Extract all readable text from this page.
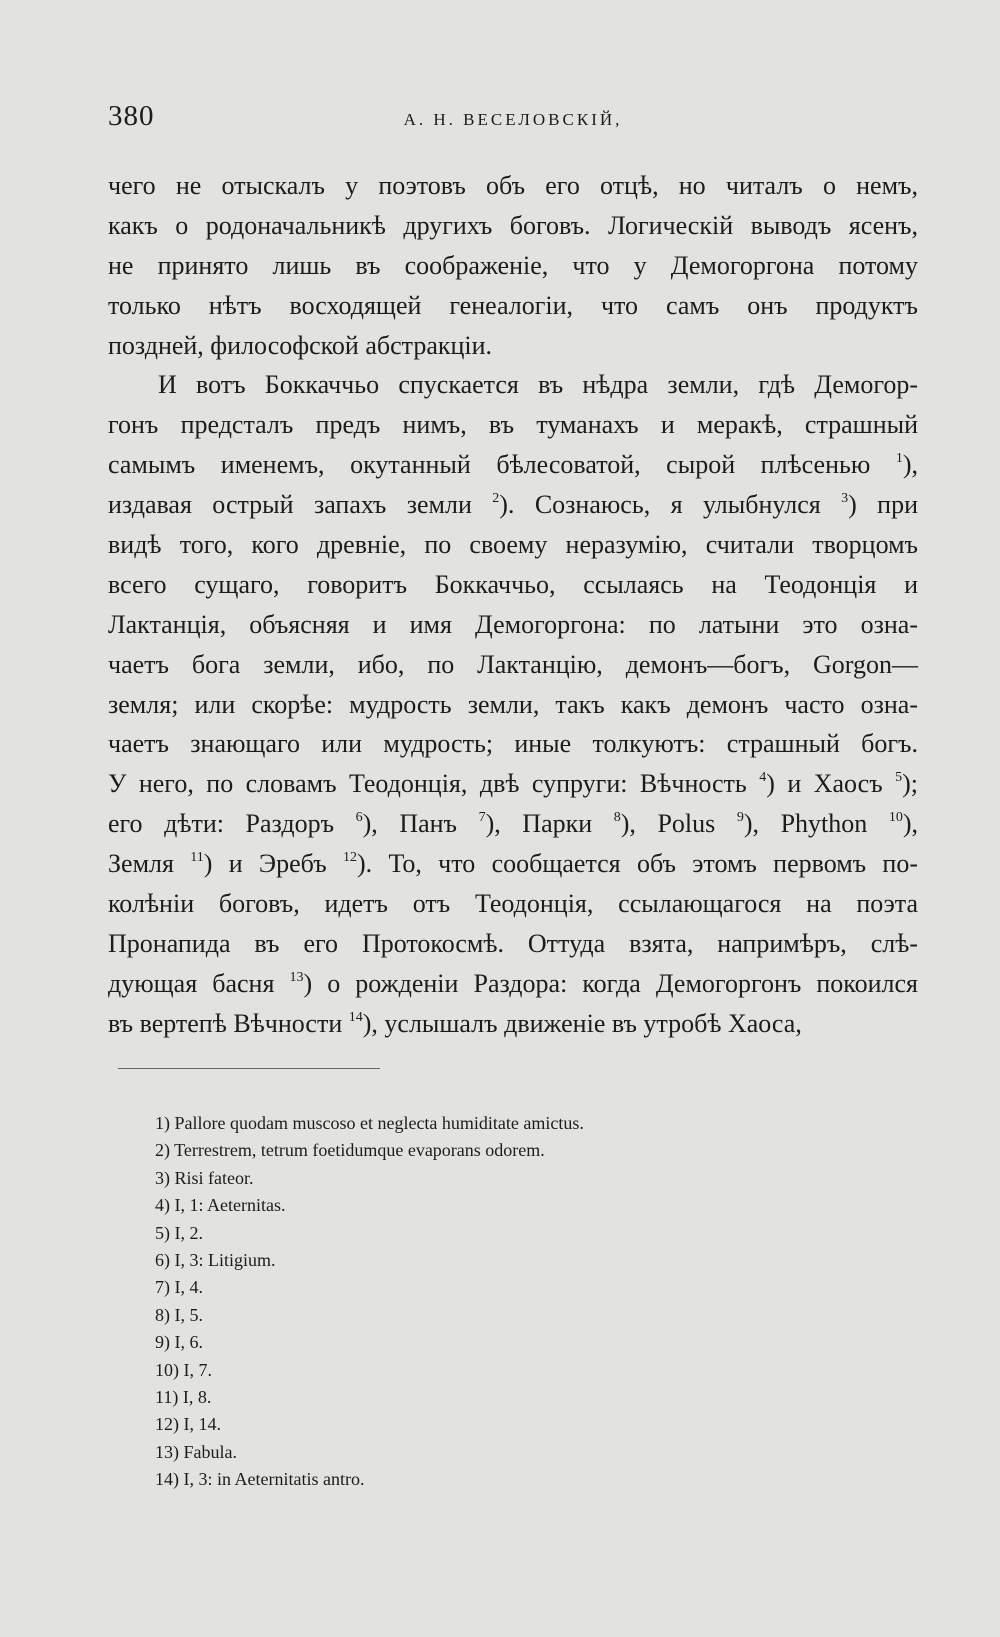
380	А. Н. ВЕСЕЛОВСКІЙ,
чего не отыскалъ у поэтовъ объ его отцѣ, но читалъ о немъ,
какъ о родоначальникѣ другихъ боговъ. Логическій выводъ ясенъ,
не принято лишь въ соображеніе, что у Демогоргона потому
только нѣтъ восходящей генеалогіи, что самъ онъ продуктъ
поздней, философской абстракціи.
И вотъ Боккаччьо спускается въ нѣдра земли, гдѣ Демогор-
гонъ предсталъ предъ нимъ, въ туманахъ и меракѣ, страшный
самымъ именемъ, окутанный бѣлесоватой, сырой плѣсенью $^1$),
издавая острый запахъ земли $^2$). Сознаюсь, я улыбнулся $^3$) при
видѣ того, кого древніе, по своему неразумію, считали творцомъ
всего сущаго, говоритъ Боккаччьо, ссылаясь на Теодонція и
Лактанція, объясняя и имя Демогоргона: по латыни это озна-
чаетъ бога земли, ибо, по Лактанцію, демонъ—богъ, Gorgon—
земля; или скорѣе: мудрость земли, такъ какъ демонъ часто озна-
чаетъ знающаго или мудрость; иные толкуютъ: страшный богъ.
У него, по словамъ Теодонція, двѣ супруги: Вѣчность $^4$) и Хаосъ $^5$);
его дѣти: Раздоръ $^6$), Панъ $^7$), Парки $^8$), Polus $^9$), Phython $^{10}$),
Земля $^{11}$) и Эребъ $^{12}$). То, что сообщается объ этомъ первомъ по-
колѣніи боговъ, идетъ отъ Теодонція, ссылающагося на поэта
Пронапида въ его Протокосмѣ. Оттуда взята, напримѣръ, слѣ-
дующая басня $^{13}$) о рожденіи Раздора: когда Демогоргонъ покоился
въ вертепѣ Вѣчности $^{14}$), услышалъ движеніе въ утробѣ Хаоса,
1) Pallore quodam muscoso et neglecta humiditate amictus.
2) Terrestrem, tetrum foetidumque evaporans odorem.
3) Risi fateor.
4) I, 1: Aeternitas.
5) I, 2.
6) I, 3: Litigium.
7) I, 4.
8) I, 5.
9) I, 6.
10) I, 7.
11) I, 8.
12) I, 14.
13) Fabula.
14) I, 3: in Aeternitatis antro.
